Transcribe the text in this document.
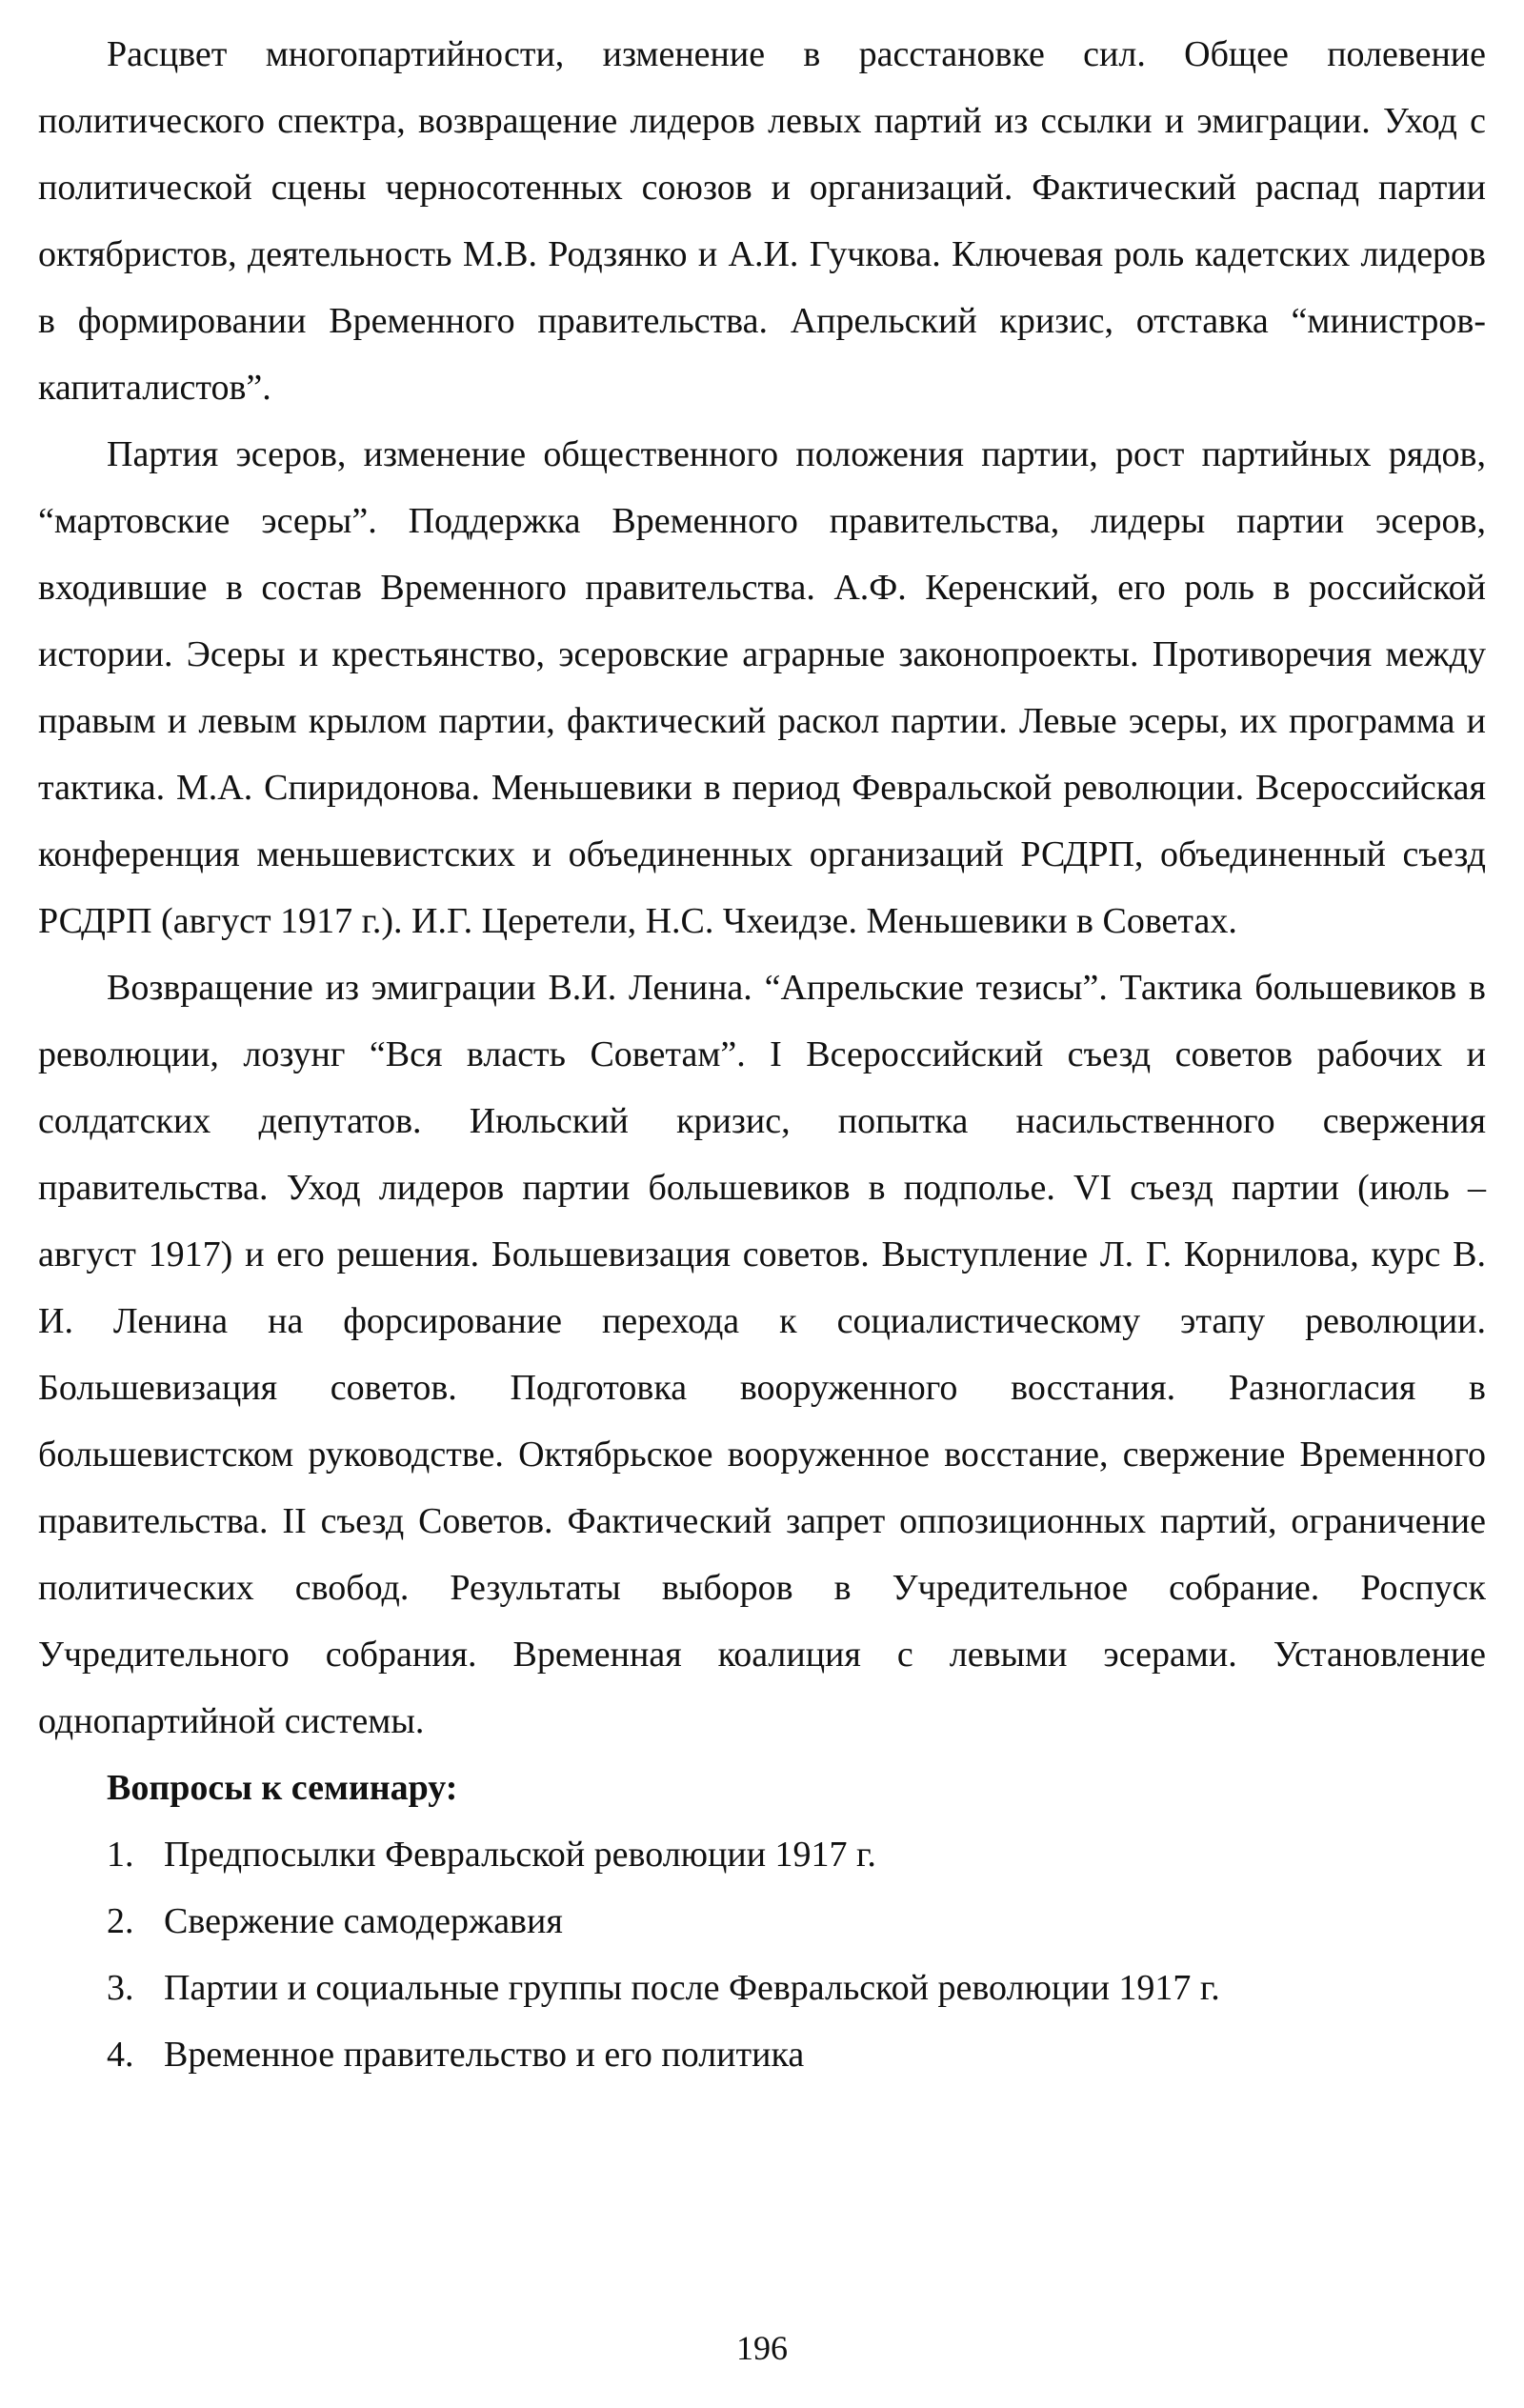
Расцвет многопартийности, изменение в расстановке сил. Общее полевение политического спектра, возвращение лидеров левых партий из ссылки и эмиграции. Уход с политической сцены черносотенных союзов и организаций. Фактический распад партии октябристов, деятельность М.В. Родзянко и А.И. Гучкова. Ключевая роль кадетских лидеров в формировании Временного правительства. Апрельский кризис, отставка “министров-капиталистов”.

Партия эсеров, изменение общественного положения партии, рост партийных рядов, “мартовские эсеры”. Поддержка Временного правительства, лидеры партии эсеров, входившие в состав Временного правительства. А.Ф. Керенский, его роль в российской истории. Эсеры и крестьянство, эсеровские аграрные законопроекты. Противоречия между правым и левым крылом партии, фактический раскол партии. Левые эсеры, их программа и тактика. М.А. Спиридонова. Меньшевики в период Февральской революции. Всероссийская конференция меньшевистских и объединенных организаций РСДРП, объединенный съезд РСДРП (август 1917 г.). И.Г. Церетели, Н.С. Чхеидзе. Меньшевики в Советах.

Возвращение из эмиграции В.И. Ленина. “Апрельские тезисы”. Тактика большевиков в революции, лозунг “Вся власть Советам”. I Всероссийский съезд советов рабочих и солдатских депутатов. Июльский кризис, попытка насильственного свержения правительства. Уход лидеров партии большевиков в подполье. VI съезд партии (июль – август 1917) и его решения. Большевизация советов. Выступление Л. Г. Корнилова, курс В. И. Ленина на форсирование перехода к социалистическому этапу революции. Большевизация советов. Подготовка вооруженного восстания. Разногласия в большевистском руководстве. Октябрьское вооруженное восстание, свержение Временного правительства. II съезд Советов. Фактический запрет оппозиционных партий, ограничение политических свобод. Результаты выборов в Учредительное собрание. Роспуск Учредительного собрания. Временная коалиция с левыми эсерами. Установление однопартийной системы.

Вопросы к семинару:

1. Предпосылки Февральской революции 1917 г.
2. Свержение самодержавия
3. Партии и социальные группы после Февральской революции 1917 г.
4. Временное правительство и его политика
196
